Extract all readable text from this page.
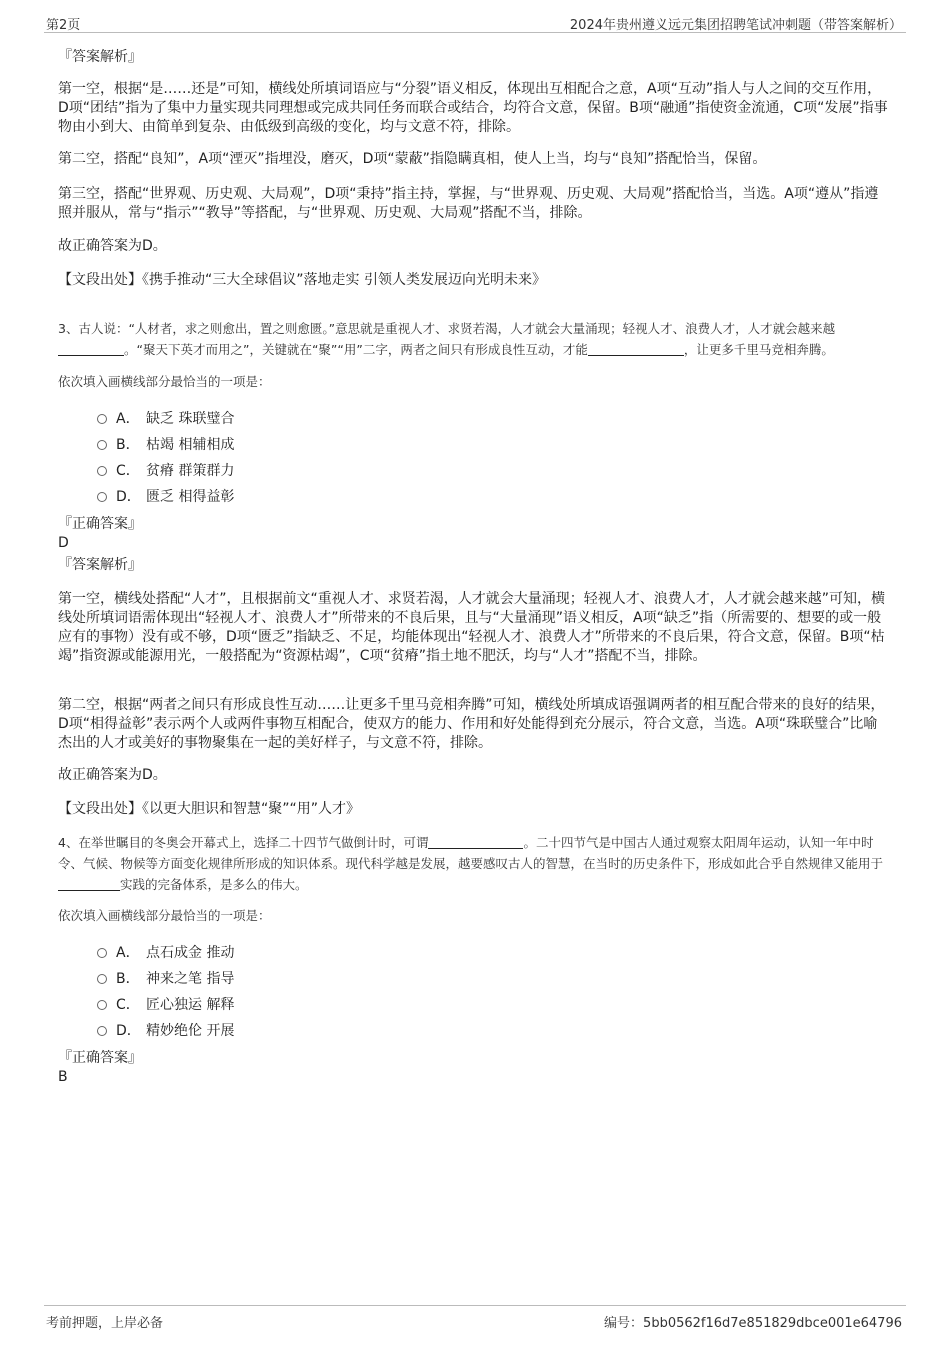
第2页	2024年贵州遵义远元集团招聘笔试冲刺题（带答案解析）
『答案解析』
第一空，根据“是……还是”可知，横线处所填词语应与“分裂”语义相反，体现出互相配合之意，A项“互动”指人与人之间的交互作用，D项“团结”指为了集中力量实现共同理想或完成共同任务而联合或结合，均符合文意，保留。B项“融通”指使资金流通，C项“发展”指事物由小到大、由简单到复杂、由低级到高级的变化，均与文意不符，排除。
第二空，搭配“良知”，A项“湮灭”指埋没，磨灭，D项“蒙蔽”指隐瞒真相，使人上当，均与“良知”搭配恰当，保留。
第三空，搭配“世界观、历史观、大局观”，D项“秉持”指主持，掌握，与“世界观、历史观、大局观”搭配恰当，当选。A项“遵从”指遵照并服从，常与“指示”“教导”等搭配，与“世界观、历史观、大局观”搭配不当，排除。
故正确答案为D。
【文段出处】《携手推动“三大全球倡议”落地走实 引领人类发展迈向光明未来》
3、古人说：“人材者，求之则愈出，置之则愈匮。”意思就是重视人才、求贤若渴，人才就会大量涌现；轻视人才、浪费人才，人才就会越来越。“聚天下英才而用之”，关键就在“聚”“用”二字，两者之间只有形成良性互动，才能	，让更多千里马竞相奔腾。
依次填入画横线部分最恰当的一项是：
A． 缺乏 珠联璧合
B． 枯竭 相辅相成
C． 贫瘠 群策群力
D． 匮乏 相得益彰
『正确答案』
D
『答案解析』
第一空，横线处搭配“人才”，且根据前文“重视人才、求贤若渴，人才就会大量涌现；轻视人才、浪费人才，人才就会越来越”可知，横线处所填词语需体现出“轻视人才、浪费人才”所带来的不良后果，且与“大量涌现”语义相反，A项“缺乏”指（所需要的、想要的或一般应有的事物）没有或不够，D项“匮乏”指缺乏、不足，均能体现出“轻视人才、浪费人才”所带来的不良后果，符合文意，保留。B项“枯竭”指资源或能源用光，一般搭配为“资源枯竭”，C项“贫瘠”指土地不肥沃，均与“人才”搭配不当，排除。
第二空，根据“两者之间只有形成良性互动……让更多千里马竞相奔腾”可知，横线处所填成语强调两者的相互配合带来的良好的结果，D项“相得益彰”表示两个人或两件事物互相配合，使双方的能力、作用和好处能得到充分展示，符合文意，当选。A项“珠联璧合”比喻杰出的人才或美好的事物聚集在一起的美好样子，与文意不符，排除。
故正确答案为D。
【文段出处】《以更大胆识和智慧“聚”“用”人才》
4、在举世瞩目的冬奥会开幕式上，选择二十四节气做倒计时，可谓	。二十四节气是中国古人通过观察太阳周年运动，认知一年中时令、气候、物候等方面变化规律所形成的知识体系。现代科学越是发展，越要感叹古人的智慧，在当时的历史条件下，形成如此合乎自然规律又能用于实践的完备体系，是多么的伟大。
依次填入画横线部分最恰当的一项是：
A． 点石成金 推动
B． 神来之笔 指导
C． 匠心独运 解释
D． 精妙绝伦 开展
『正确答案』
B
考前押题，上岸必备	编号：5bb0562f16d7e851829dbce001e64796
